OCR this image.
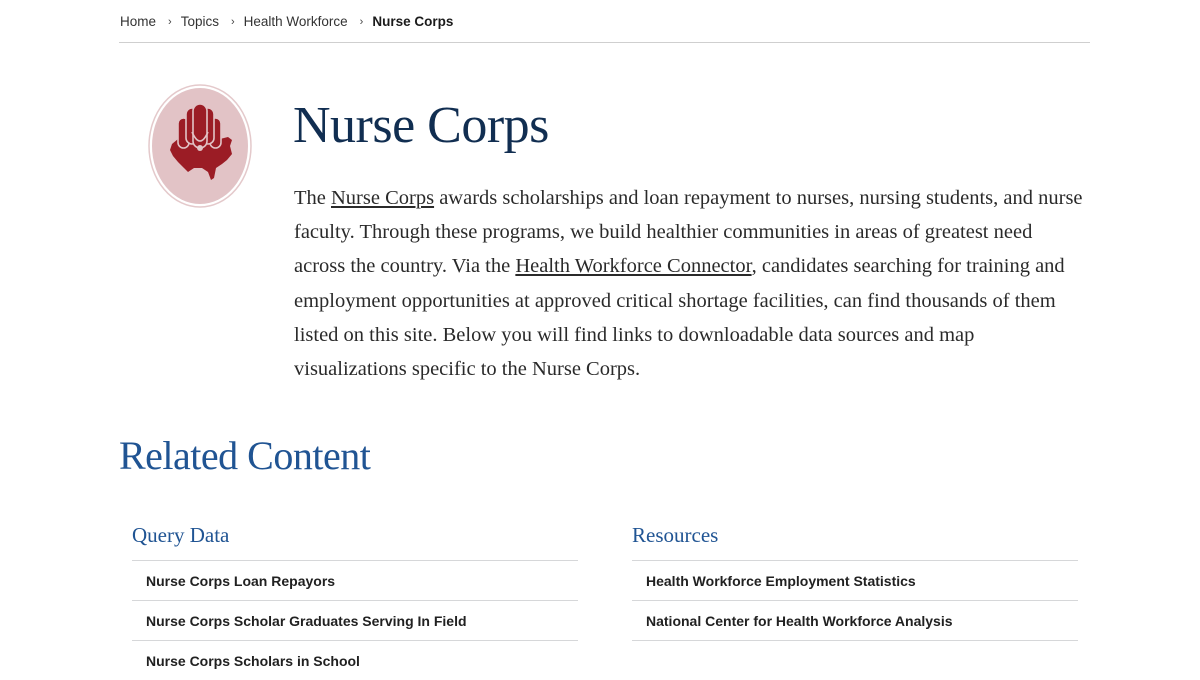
Home › Topics › Health Workforce › Nurse Corps
Nurse Corps

The Nurse Corps awards scholarships and loan repayment to nurses, nursing students, and nurse faculty. Through these programs, we build healthier communities in areas of greatest need across the country. Via the Health Workforce Connector, candidates searching for training and employment opportunities at approved critical shortage facilities, can find thousands of them listed on this site. Below you will find links to downloadable data sources and map visualizations specific to the Nurse Corps.

Related Content
Query Data
Nurse Corps Loan Repayors
Nurse Corps Scholar Graduates Serving In Field
Nurse Corps Scholars in School
Resources
Health Workforce Employment Statistics
National Center for Health Workforce Analysis
